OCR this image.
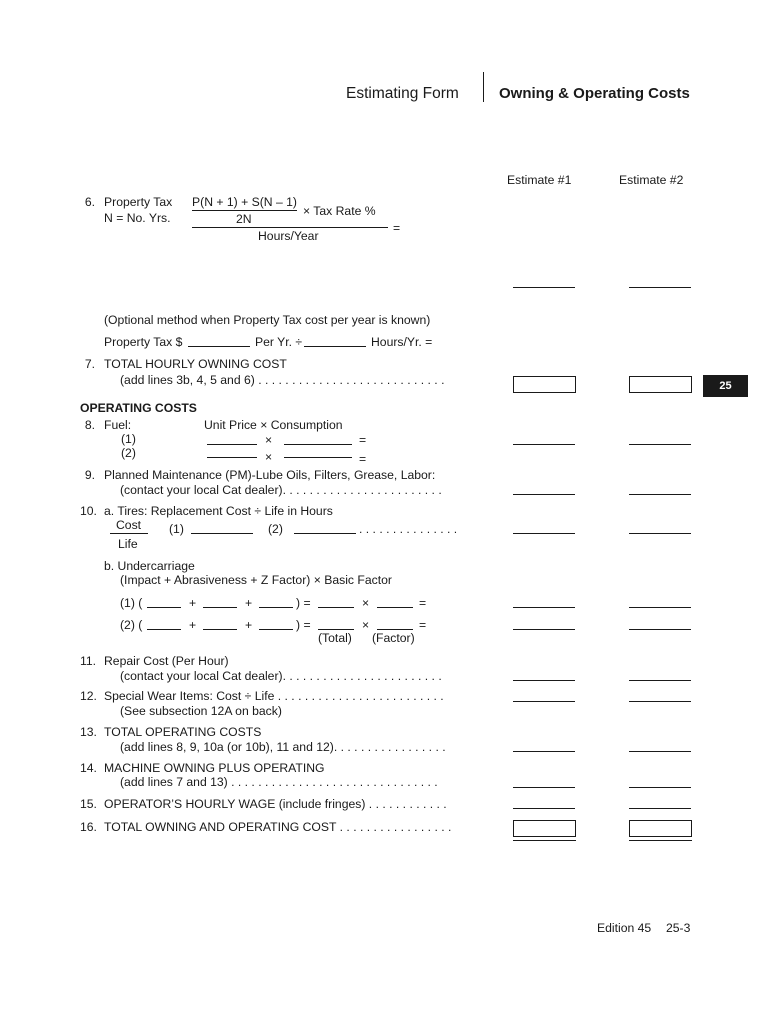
Estimating Form	Owning & Operating Costs
Estimate #1	Estimate #2
25
6. Property Tax
N = No. Yrs.
P(N + 1) + S(N – 1)
× Tax Rate %
2N
=
Hours/Year
(Optional method when Property Tax cost per year is known)
Property Tax $	Per Yr. ÷	Hours/Yr. =
7. TOTAL HOURLY OWNING COST
(add lines 3b, 4, 5 and 6) . . . . . . . . . . . . . . . . . . . . . . . . . . . .
OPERATING COSTS
8. Fuel:	Unit Price × Consumption
(1)	×	=
(2)	×	=
9. Planned Maintenance (PM)-Lube Oils, Filters, Grease, Labor:
(contact your local Cat dealer). . . . . . . . . . . . . . . . . . . . . . . .
10. a. Tires: Replacement Cost ÷ Life in Hours
Cost
Life
(1)	(2)	. . . . . . . . . . . . . . .
b. Undercarriage
(Impact + Abrasiveness + Z Factor) × Basic Factor
(1) (	+	+	) =	×	=
(2) (	+	+	) =	×	=
(Total) (Factor)
11. Repair Cost (Per Hour)
(contact your local Cat dealer). . . . . . . . . . . . . . . . . . . . . . . .
12. Special Wear Items: Cost ÷ Life . . . . . . . . . . . . . . . . . . . . . . . . .
(See subsection 12A on back)
13. TOTAL OPERATING COSTS
(add lines 8, 9, 10a (or 10b), 11 and 12). . . . . . . . . . . . . . . . .
14. MACHINE OWNING PLUS OPERATING
(add lines 7 and 13) . . . . . . . . . . . . . . . . . . . . . . . . . . . . . . .
15. OPERATOR’S HOURLY WAGE (include fringes) . . . . . . . . . . . .
16. TOTAL OWNING AND OPERATING COST . . . . . . . . . . . . . . . . .
Edition 45 25-3
